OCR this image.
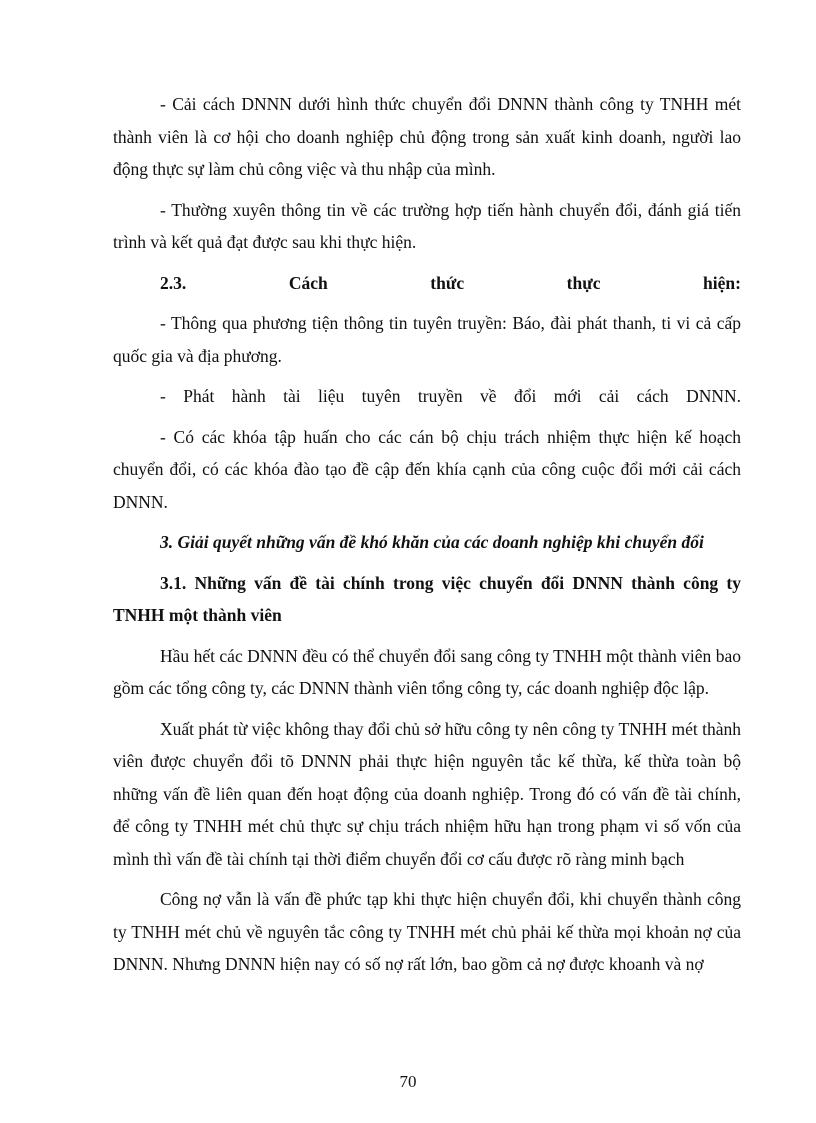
- Cải cách DNNN dưới hình thức chuyển đổi DNNN thành công ty TNHH mét thành viên là cơ hội cho doanh nghiệp chủ động trong sản xuất kinh doanh, người lao động thực sự làm chủ công việc và thu nhập của mình.

- Thường xuyên thông tin về các trường hợp tiến hành chuyển đổi, đánh giá tiến trình và kết quả đạt được sau khi thực hiện.

2.3. Cách thức thực hiện:

- Thông qua phương tiện thông tin tuyên truyền: Báo, đài phát thanh, ti vi cả cấp quốc gia và địa phương.

- Phát hành tài liệu tuyên truyền về đổi mới cải cách DNNN.

- Có các khóa tập huấn cho các cán bộ chịu trách nhiệm thực hiện kế hoạch chuyển đổi, có các khóa đào tạo đề cập đến khía cạnh của công cuộc đổi mới cải cách DNNN.

3. Giải quyết những vấn đề khó khăn của các doanh nghiệp khi chuyển đổi

3.1. Những vấn đề tài chính trong việc chuyển đổi DNNN thành công ty TNHH một thành viên

Hầu hết các DNNN đều có thể chuyển đổi sang công ty TNHH một thành viên bao gồm các tổng công ty, các DNNN thành viên tổng công ty, các doanh nghiệp độc lập.

Xuất phát từ việc không thay đổi chủ sở hữu công ty nên công ty TNHH mét thành viên được chuyển đổi tõ DNNN phải thực hiện nguyên tắc kế thừa, kế thừa toàn bộ những vấn đề liên quan đến hoạt động của doanh nghiệp. Trong đó có vấn đề tài chính, để công ty TNHH mét chủ thực sự chịu trách nhiệm hữu hạn trong phạm vi số vốn của mình thì vấn đề tài chính tại thời điểm chuyển đổi cơ cấu được rõ ràng minh bạch

Công nợ vẫn là vấn đề phức tạp khi thực hiện chuyển đổi, khi chuyển thành công ty TNHH mét chủ về nguyên tắc công ty TNHH mét chủ phải kế thừa mọi khoản nợ của DNNN. Nhưng DNNN hiện nay có số nợ rất lớn, bao gồm cả nợ được khoanh và nợ

70
